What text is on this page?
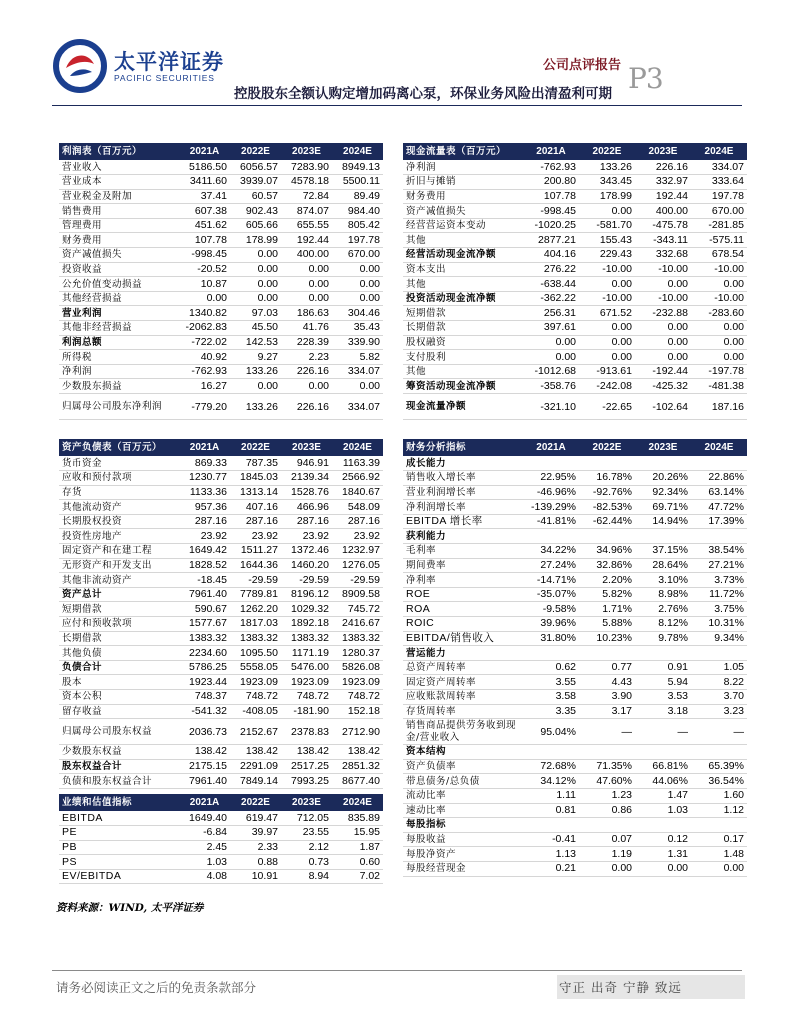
太平洋证券
PACIFIC SECURITIES
公司点评报告 P3
控股股东全额认购定增加码离心泵，环保业务风险出清盈利可期
利润表（百万元）	2021A	2022E	2023E	2024E
营业收入	5186.50	6056.57	7283.90	8949.13
营业成本	3411.60	3939.07	4578.18	5500.11
营业税金及附加	37.41	60.57	72.84	89.49
销售费用	607.38	902.43	874.07	984.40
管理费用	451.62	605.66	655.55	805.42
财务费用	107.78	178.99	192.44	197.78
资产减值损失	-998.45	0.00	400.00	670.00
投资收益	-20.52	0.00	0.00	0.00
公允价值变动损益	10.87	0.00	0.00	0.00
其他经营损益	0.00	0.00	0.00	0.00
营业利润	1340.82	97.03	186.63	304.46
其他非经营损益	-2062.83	45.50	41.76	35.43
利润总额	-722.02	142.53	228.39	339.90
所得税	40.92	9.27	2.23	5.82
净利润	-762.93	133.26	226.16	334.07
少数股东损益	16.27	0.00	0.00	0.00
归属母公司股东净利润	-779.20	133.26	226.16	334.07
现金流量表（百万元）	2021A	2022E	2023E	2024E
净利润	-762.93	133.26	226.16	334.07
折旧与摊销	200.80	343.45	332.97	333.64
财务费用	107.78	178.99	192.44	197.78
资产减值损失	-998.45	0.00	400.00	670.00
经营营运资本变动	-1020.25	-581.70	-475.78	-281.85
其他	2877.21	155.43	-343.11	-575.11
经营活动现金流净额	404.16	229.43	332.68	678.54
资本支出	276.22	-10.00	-10.00	-10.00
其他	-638.44	0.00	0.00	0.00
投资活动现金流净额	-362.22	-10.00	-10.00	-10.00
短期借款	256.31	671.52	-232.88	-283.60
长期借款	397.61	0.00	0.00	0.00
股权融资	0.00	0.00	0.00	0.00
支付股利	0.00	0.00	0.00	0.00
其他	-1012.68	-913.61	-192.44	-197.78
筹资活动现金流净额	-358.76	-242.08	-425.32	-481.38
现金流量净额	-321.10	-22.65	-102.64	187.16
资产负债表（百万元）	2021A	2022E	2023E	2024E
货币资金	869.33	787.35	946.91	1163.39
应收和预付款项	1230.77	1845.03	2139.34	2566.92
存货	1133.36	1313.14	1528.76	1840.67
其他流动资产	957.36	407.16	466.96	548.09
长期股权投资	287.16	287.16	287.16	287.16
投资性房地产	23.92	23.92	23.92	23.92
固定资产和在建工程	1649.42	1511.27	1372.46	1232.97
无形资产和开发支出	1828.52	1644.36	1460.20	1276.05
其他非流动资产	-18.45	-29.59	-29.59	-29.59
资产总计	7961.40	7789.81	8196.12	8909.58
短期借款	590.67	1262.20	1029.32	745.72
应付和预收款项	1577.67	1817.03	1892.18	2416.67
长期借款	1383.32	1383.32	1383.32	1383.32
其他负债	2234.60	1095.50	1171.19	1280.37
负债合计	5786.25	5558.05	5476.00	5826.08
股本	1923.44	1923.09	1923.09	1923.09
资本公积	748.37	748.72	748.72	748.72
留存收益	-541.32	-408.05	-181.90	152.18
归属母公司股东权益	2036.73	2152.67	2378.83	2712.90
少数股东权益	138.42	138.42	138.42	138.42
股东权益合计	2175.15	2291.09	2517.25	2851.32
负债和股东权益合计	7961.40	7849.14	7993.25	8677.40
业绩和估值指标	2021A	2022E	2023E	2024E
EBITDA	1649.40	619.47	712.05	835.89
PE	-6.84	39.97	23.55	15.95
PB	2.45	2.33	2.12	1.87
PS	1.03	0.88	0.73	0.60
EV/EBITDA	4.08	10.91	8.94	7.02
财务分析指标	2021A	2022E	2023E	2024E
成长能力				
销售收入增长率	22.95%	16.78%	20.26%	22.86%
营业利润增长率	-46.96%	-92.76%	92.34%	63.14%
净利润增长率	-139.29%	-82.53%	69.71%	47.72%
EBITDA 增长率	-41.81%	-62.44%	14.94%	17.39%
获利能力				
毛利率	34.22%	34.96%	37.15%	38.54%
期间费率	27.24%	32.86%	28.64%	27.21%
净利率	-14.71%	2.20%	3.10%	3.73%
ROE	-35.07%	5.82%	8.98%	11.72%
ROA	-9.58%	1.71%	2.76%	3.75%
ROIC	39.96%	5.88%	8.12%	10.31%
EBITDA/销售收入	31.80%	10.23%	9.78%	9.34%
营运能力				
总资产周转率	0.62	0.77	0.91	1.05
固定资产周转率	3.55	4.43	5.94	8.22
应收账款周转率	3.58	3.90	3.53	3.70
存货周转率	3.35	3.17	3.18	3.23
销售商品提供劳务收到现金/营业收入	95.04%	—	—	—
资本结构				
资产负债率	72.68%	71.35%	66.81%	65.39%
带息债务/总负债	34.12%	47.60%	44.06%	36.54%
流动比率	1.11	1.23	1.47	1.60
速动比率	0.81	0.86	1.03	1.12
每股指标				
每股收益	-0.41	0.07	0.12	0.17
每股净资产	1.13	1.19	1.31	1.48
每股经营现金	0.21	0.00	0.00	0.00
资料来源：WIND, 太平洋证券
请务必阅读正文之后的免责条款部分	守正 出奇 宁静 致远
